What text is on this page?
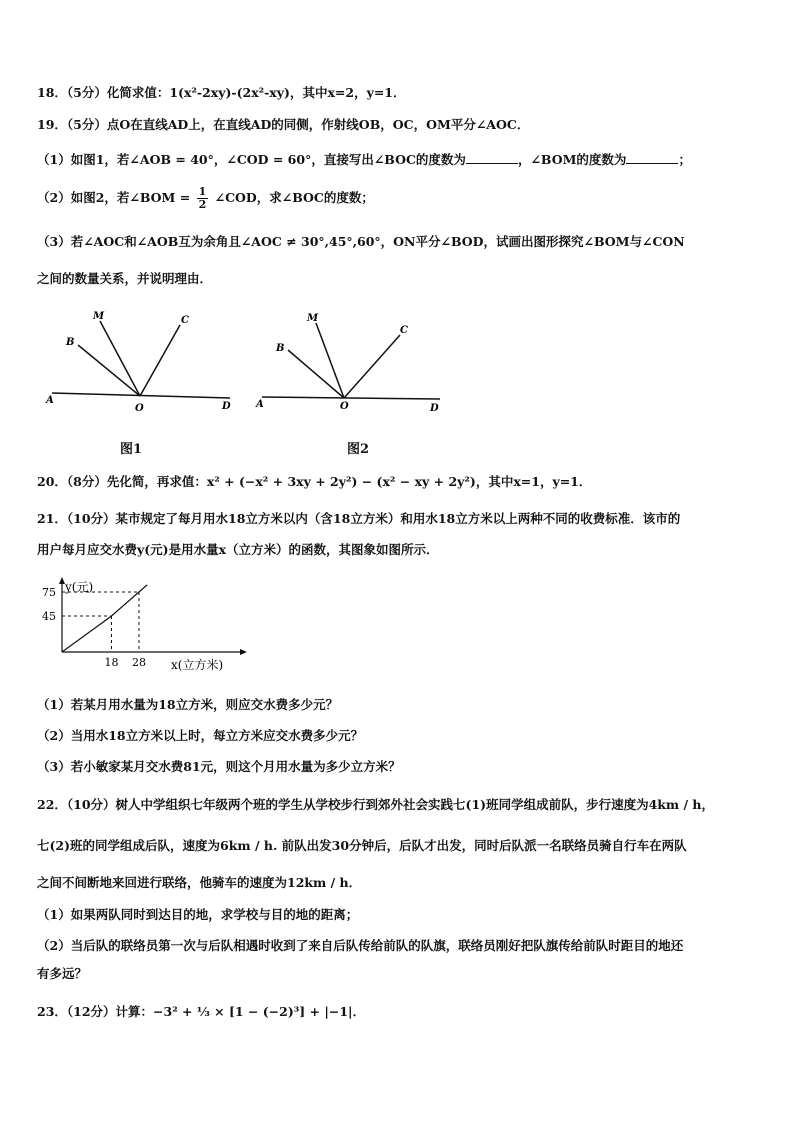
18．（5分）化简求值：1(x²-2xy)-(2x²-xy)，其中x=2，y=1．
19．（5分）点O在直线AD上，在直线AD的同侧，作射线OB，OC，OM平分∠AOC．
（1）如图1，若∠AOB = 40°，∠COD = 60°，直接写出∠BOC的度数为	，∠BOM的度数为	；
（2）如图2，若∠BOM = $\frac{1}{2}$ ∠COD，求∠BOC的度数；
（3）若∠AOC和∠AOB互为余角且∠AOC ≠ 30°,45°,60°，ON平分∠BOD，试画出图形探究∠BOM与∠CON
之间的数量关系，并说明理由．
A
B
M	C
O	D
图1
A
B
M
C
O	D
图2
20．（8分）先化简，再求值：x² + (−x² + 3xy + 2y²) − (x² − xy + 2y²)，其中x=1，y=1．
21．（10分）某市规定了每月用水18立方米以内（含18立方米）和用水18立方米以上两种不同的收费标准．该市的
用户每月应交水费y(元)是用水量x（立方米）的函数，其图象如图所示．
y(元)
x(立方米)
18 28
45
75
（1）若某月用水量为18立方米，则应交水费多少元？
（2）当用水18立方米以上时，每立方米应交水费多少元？
（3）若小敏家某月交水费81元，则这个月用水量为多少立方米？
22．（10分）树人中学组织七年级两个班的学生从学校步行到郊外社会实践七(1)班同学组成前队，步行速度为4km / h，
七(2)班的同学组成后队，速度为6km / h. 前队出发30分钟后，后队才出发，同时后队派一名联络员骑自行车在两队
之间不间断地来回进行联络，他骑车的速度为12km / h．
（1）如果两队同时到达目的地，求学校与目的地的距离；
（2）当后队的联络员第一次与后队相遇时收到了来自后队传给前队的队旗，联络员刚好把队旗传给前队时距目的地还
有多远？
23．（12分）计算：−3² + ⅓ × [1 − (−2)³] + |−1|．
